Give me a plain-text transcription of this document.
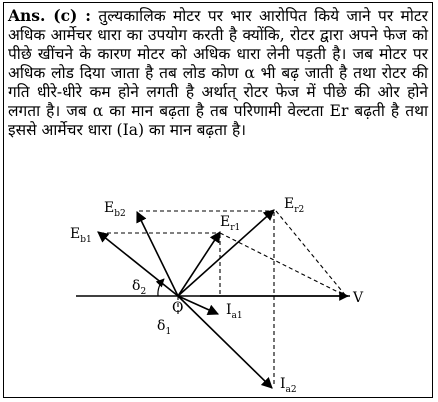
Ans. (c) : तुल्यकालिक मोटर पर भार आरोपित किये जाने पर मोटर अधिक आर्मेचर धारा का उपयोग करती है क्योंकि, रोटर द्वारा अपने फेज को पीछे खींचने के कारण मोटर को अधिक धारा लेनी पड़ती है। जब मोटर पर अधिक लोड दिया जाता है तब लोड कोण α भी बढ़ जाती है तथा रोटर की गति धीरे-धीरे कम होने लगती है अर्थात् रोटर फेज में पीछे की ओर होने लगता है। जब α का मान बढ़ता है तब परिणामी वेल्टता Er बढ़ती है तथा इससे आर्मेचर धारा (Ia) का मान बढ़ता है।
$E_{b2}$
$E_{b1}$
$E_{r1}$
$E_{r2}$
$\delta_2$
$\delta_1$
O
V
$I_{a1}$
$I_{a2}$
